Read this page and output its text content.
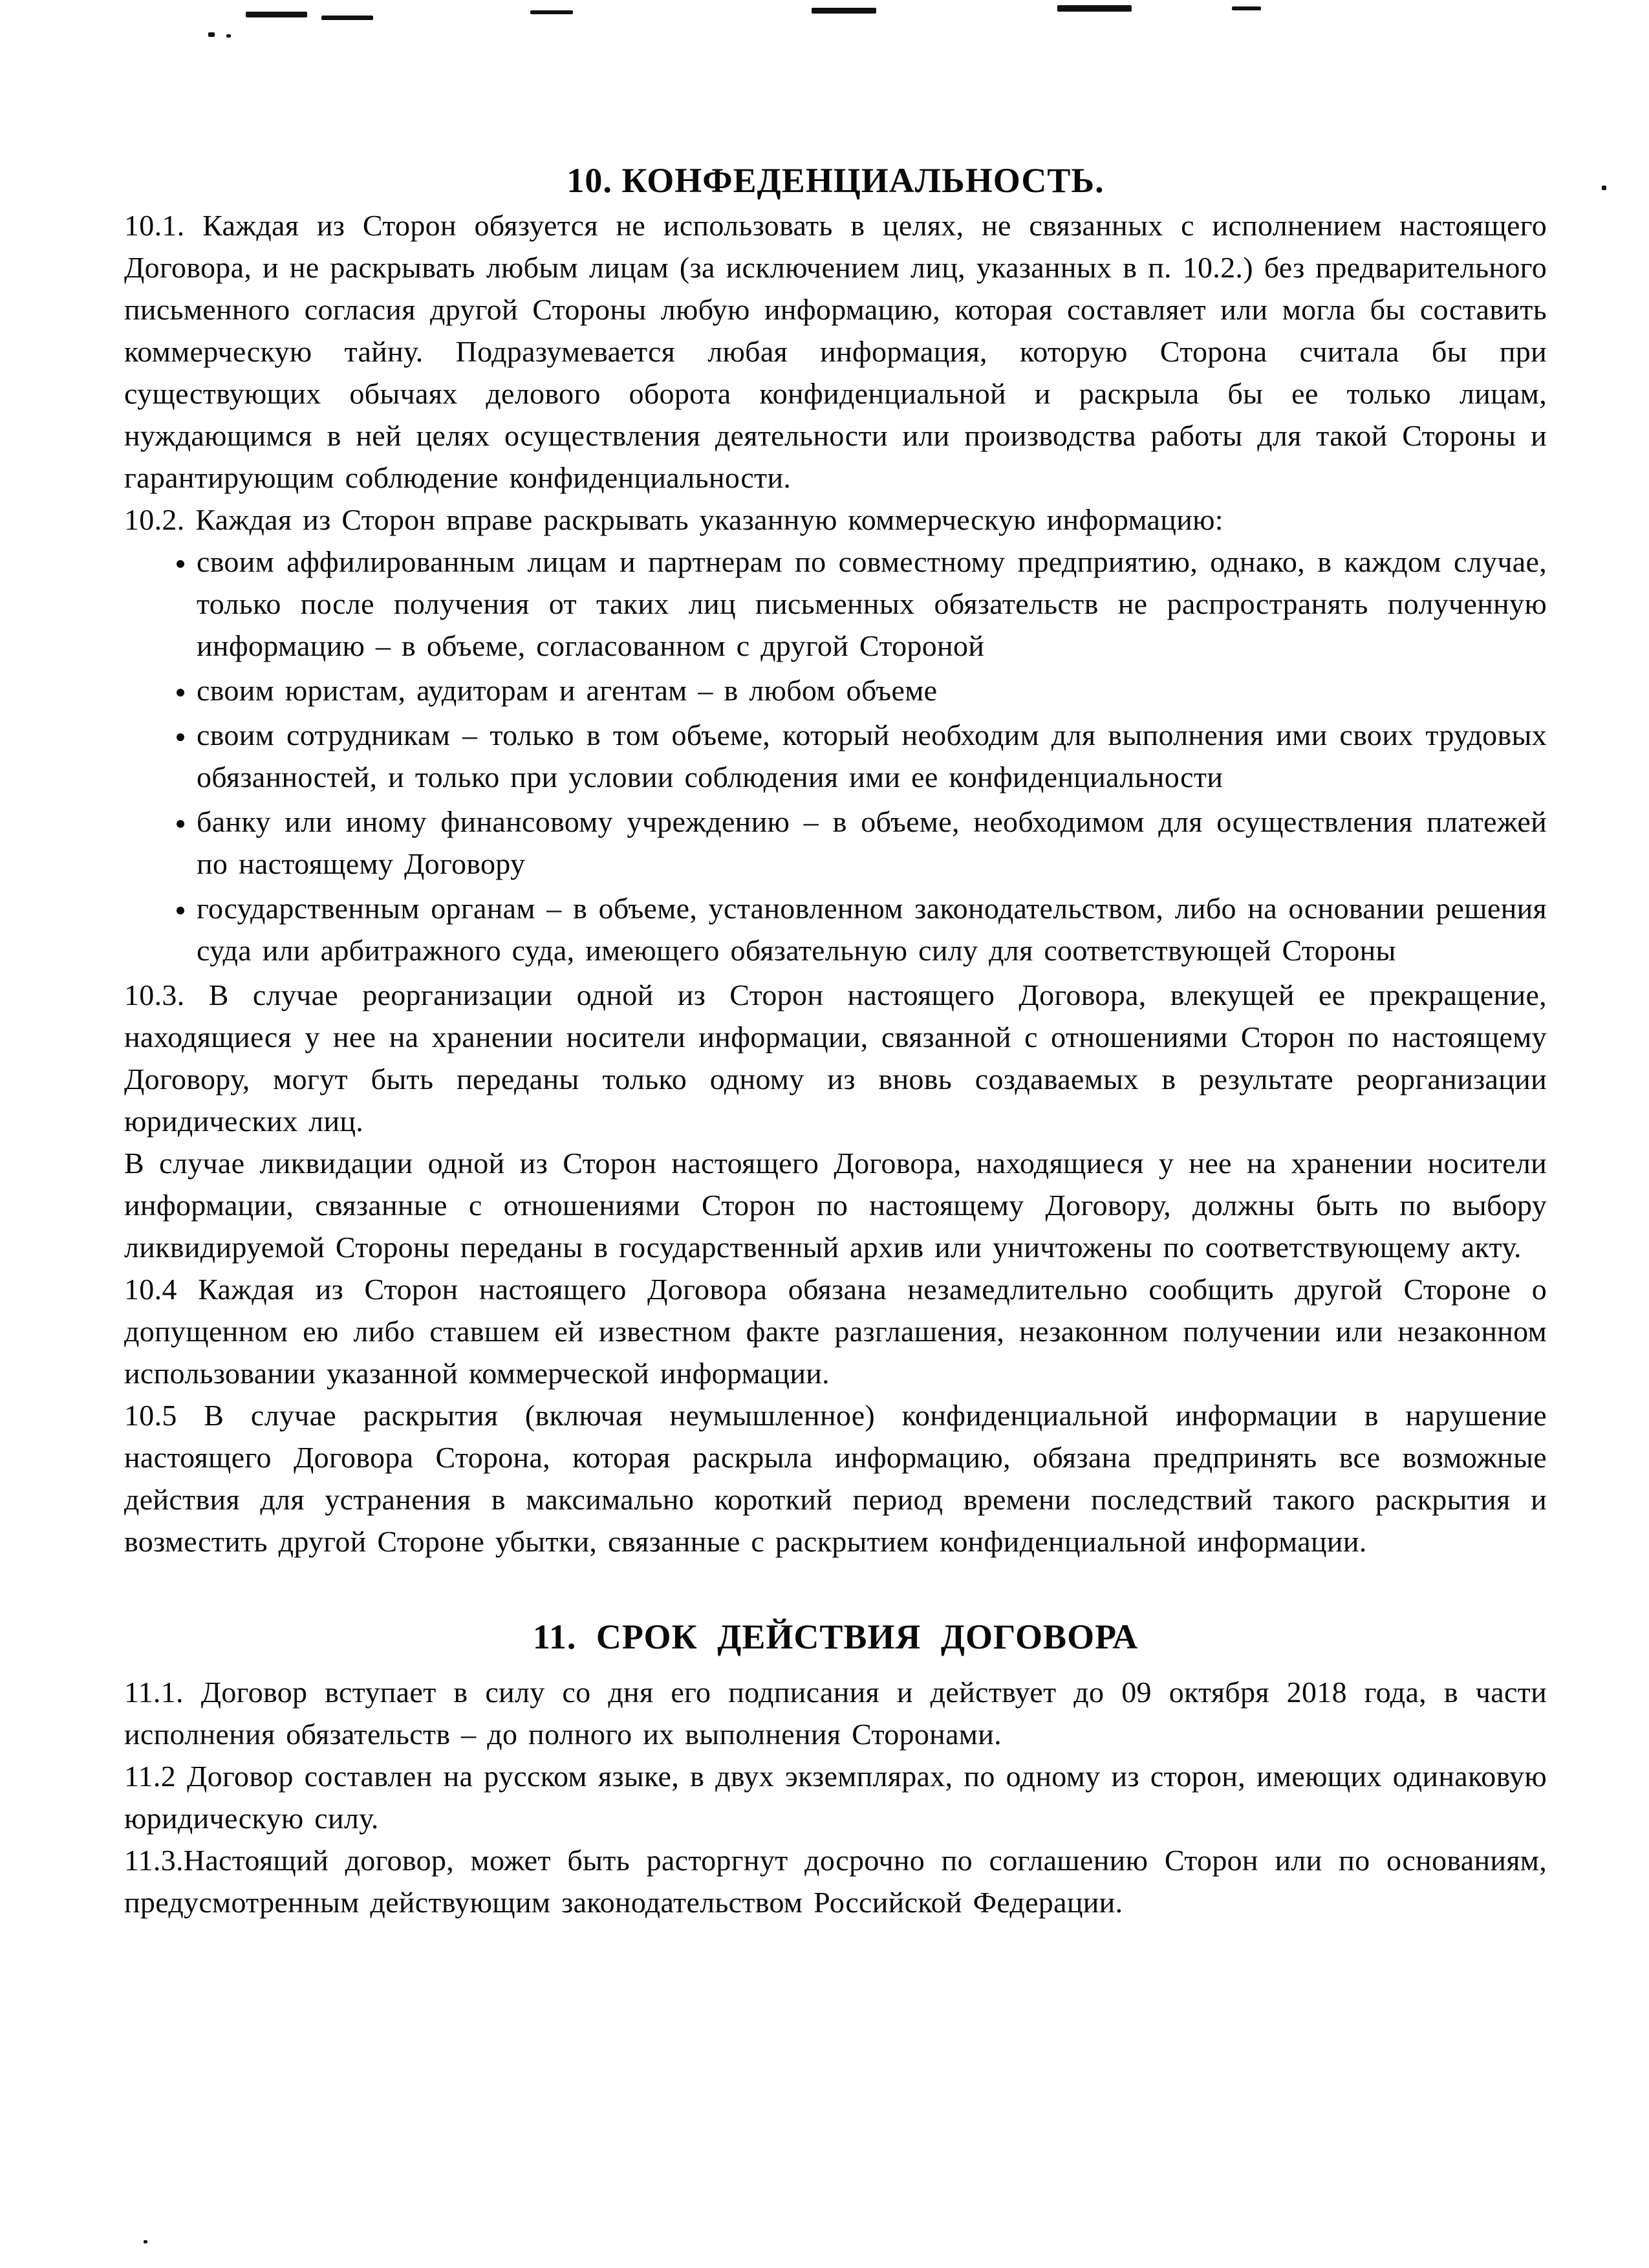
10. КОНФЕДЕНЦИАЛЬНОСТЬ.

10.1. Каждая из Сторон обязуется не использовать в целях, не связанных с исполнением настоящего Договора, и не раскрывать любым лицам (за исключением лиц, указанных в п. 10.2.) без предварительного письменного согласия другой Стороны любую информацию, которая составляет или могла бы составить коммерческую тайну. Подразумевается любая информация, которую Сторона считала бы при существующих обычаях делового оборота конфиденциальной и раскрыла бы ее только лицам, нуждающимся в ней целях осуществления деятельности или производства работы для такой Стороны и гарантирующим соблюдение конфиденциальности.

10.2. Каждая из Сторон вправе раскрывать указанную коммерческую информацию:

• своим аффилированным лицам и партнерам по совместному предприятию, однако, в каждом случае, только после получения от таких лиц письменных обязательств не распространять полученную информацию – в объеме, согласованном с другой Стороной
• своим юристам, аудиторам и агентам – в любом объеме
• своим сотрудникам – только в том объеме, который необходим для выполнения ими своих трудовых обязанностей, и только при условии соблюдения ими ее конфиденциальности
• банку или иному финансовому учреждению – в объеме, необходимом для осуществления платежей по настоящему Договору
• государственным органам – в объеме, установленном законодательством, либо на основании решения суда или арбитражного суда, имеющего обязательную силу для соответствующей Стороны

10.3. В случае реорганизации одной из Сторон настоящего Договора, влекущей ее прекращение, находящиеся у нее на хранении носители информации, связанной с отношениями Сторон по настоящему Договору, могут быть переданы только одному из вновь создаваемых в результате реорганизации юридических лиц.

В случае ликвидации одной из Сторон настоящего Договора, находящиеся у нее на хранении носители информации, связанные с отношениями Сторон по настоящему Договору, должны быть по выбору ликвидируемой Стороны переданы в государственный архив или уничтожены по соответствующему акту.

10.4 Каждая из Сторон настоящего Договора обязана незамедлительно сообщить другой Стороне о допущенном ею либо ставшем ей известном факте разглашения, незаконном получении или незаконном использовании указанной коммерческой информации.

10.5 В случае раскрытия (включая неумышленное) конфиденциальной информации в нарушение настоящего Договора Сторона, которая раскрыла информацию, обязана предпринять все возможные действия для устранения в максимально короткий период времени последствий такого раскрытия и возместить другой Стороне убытки, связанные с раскрытием конфиденциальной информации.

11. СРОК ДЕЙСТВИЯ ДОГОВОРА

11.1. Договор вступает в силу со дня его подписания и действует до 09 октября 2018 года, в части исполнения обязательств – до полного их выполнения Сторонами.

11.2 Договор составлен на русском языке, в двух экземплярах, по одному из сторон, имеющих одинаковую юридическую силу.

11.3.Настоящий договор, может быть расторгнут досрочно по соглашению Сторон или по основаниям, предусмотренным действующим законодательством Российской Федерации.
